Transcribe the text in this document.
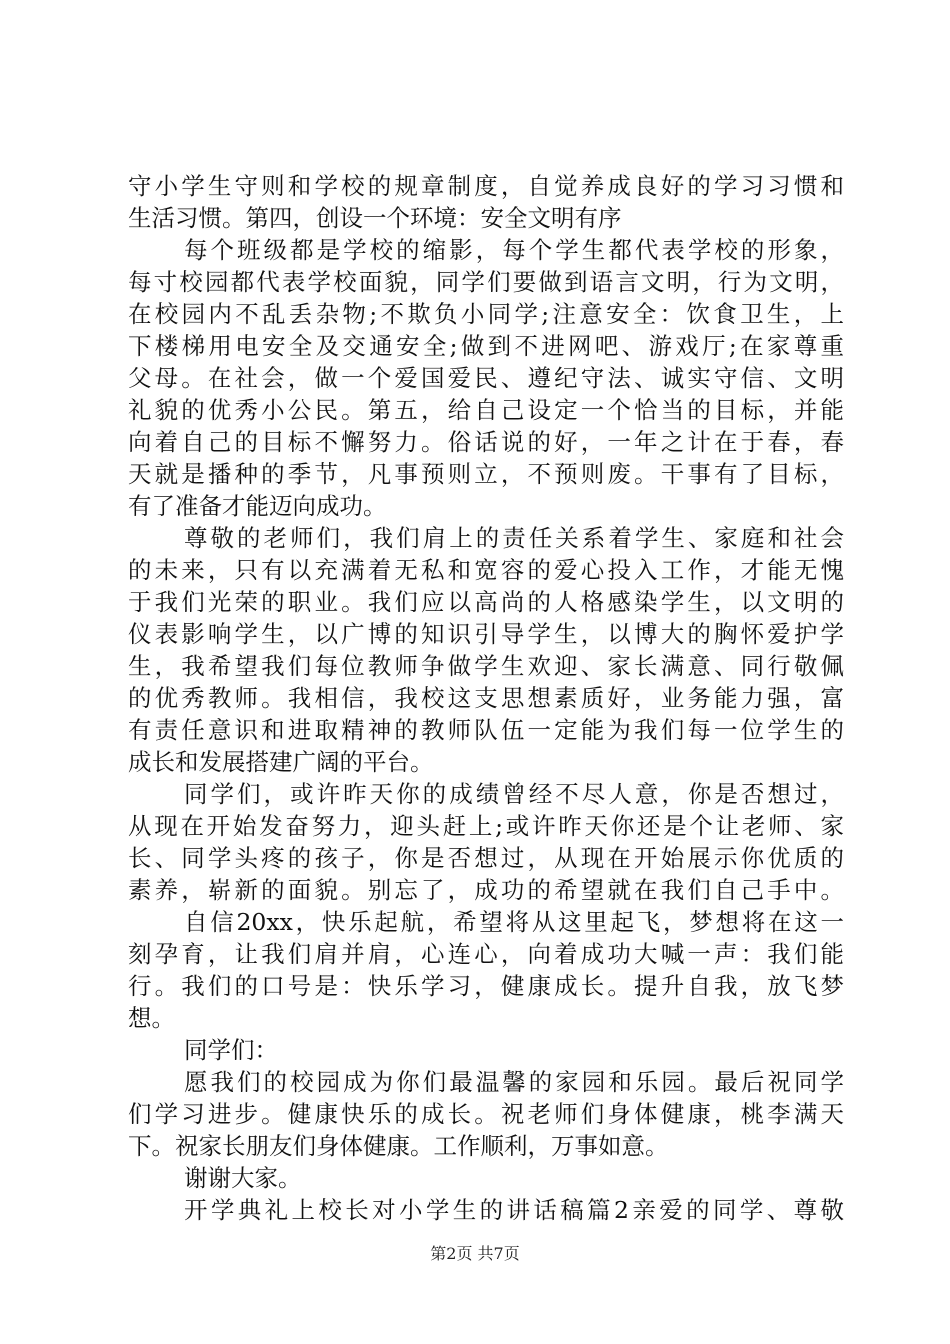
守小学生守则和学校的规章制度，自觉养成良好的学习习惯和
生活习惯。第四，创设一个环境：安全文明有序
每个班级都是学校的缩影，每个学生都代表学校的形象，
每寸校园都代表学校面貌，同学们要做到语言文明，行为文明，
在校园内不乱丢杂物;不欺负小同学;注意安全：饮食卫生，上
下楼梯用电安全及交通安全;做到不进网吧、游戏厅;在家尊重
父母。在社会，做一个爱国爱民、遵纪守法、诚实守信、文明
礼貌的优秀小公民。第五，给自己设定一个恰当的目标，并能
向着自己的目标不懈努力。俗话说的好，一年之计在于春，春
天就是播种的季节，凡事预则立，不预则废。干事有了目标，
有了准备才能迈向成功。
尊敬的老师们，我们肩上的责任关系着学生、家庭和社会
的未来，只有以充满着无私和宽容的爱心投入工作，才能无愧
于我们光荣的职业。我们应以高尚的人格感染学生，以文明的
仪表影响学生，以广博的知识引导学生，以博大的胸怀爱护学
生，我希望我们每位教师争做学生欢迎、家长满意、同行敬佩
的优秀教师。我相信，我校这支思想素质好，业务能力强，富
有责任意识和进取精神的教师队伍一定能为我们每一位学生的
成长和发展搭建广阔的平台。
同学们，或许昨天你的成绩曾经不尽人意，你是否想过，
从现在开始发奋努力，迎头赶上;或许昨天你还是个让老师、家
长、同学头疼的孩子，你是否想过，从现在开始展示你优质的
素养，崭新的面貌。别忘了，成功的希望就在我们自己手中。
自信20xx，快乐起航，希望将从这里起飞，梦想将在这一
刻孕育，让我们肩并肩，心连心，向着成功大喊一声：我们能
行。我们的口号是：快乐学习，健康成长。提升自我，放飞梦
想。
同学们：
愿我们的校园成为你们最温馨的家园和乐园。最后祝同学
们学习进步。健康快乐的成长。祝老师们身体健康，桃李满天
下。祝家长朋友们身体健康。工作顺利，万事如意。
谢谢大家。
开学典礼上校长对小学生的讲话稿篇2亲爱的同学、尊敬
第2页 共7页
